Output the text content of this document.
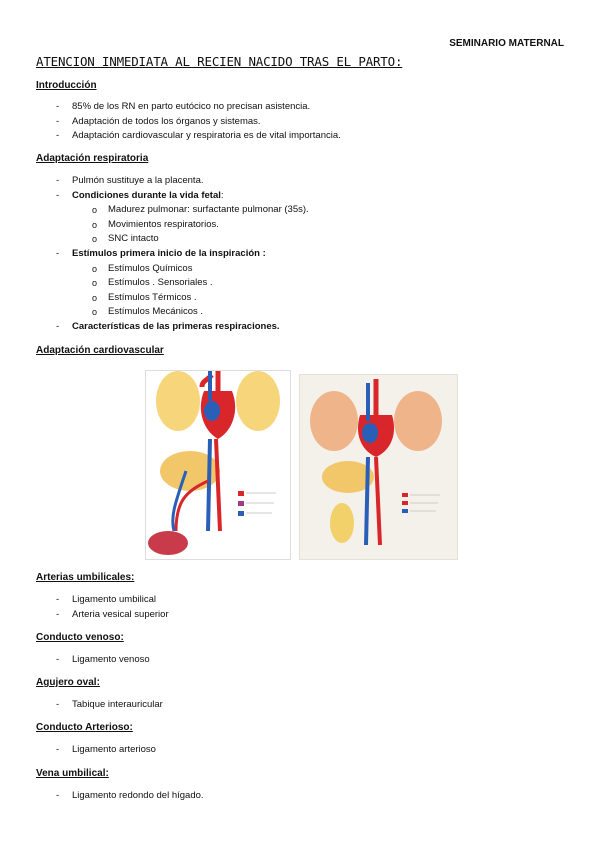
SEMINARIO MATERNAL
ATENCION INMEDIATA AL RECIEN NACIDO TRAS EL PARTO:
Introducción
- 85% de los RN en parto eutócico no precisan asistencia.
- Adaptación de todos los órganos y sistemas.
- Adaptación cardiovascular y respiratoria es de vital importancia.
Adaptación respiratoria
- Pulmón sustituye a la placenta.
- Condiciones durante la vida fetal:
o Madurez pulmonar: surfactante pulmonar (35s).
o Movimientos respiratorios.
o SNC intacto
- Estímulos primera inicio de la inspiración :
o Estímulos Químicos
o Estímulos . Sensoriales .
o Estímulos Térmicos .
o Estímulos Mecánicos .
- Características de las primeras respiraciones.
Adaptación cardiovascular
Arterias umbilicales:
- Ligamento umbilical
- Arteria vesical superior
Conducto venoso:
- Ligamento venoso
Agujero oval:
- Tabique interauricular
Conducto Arterioso:
- Ligamento arterioso
Vena umbilical:
- Ligamento redondo del hígado.
